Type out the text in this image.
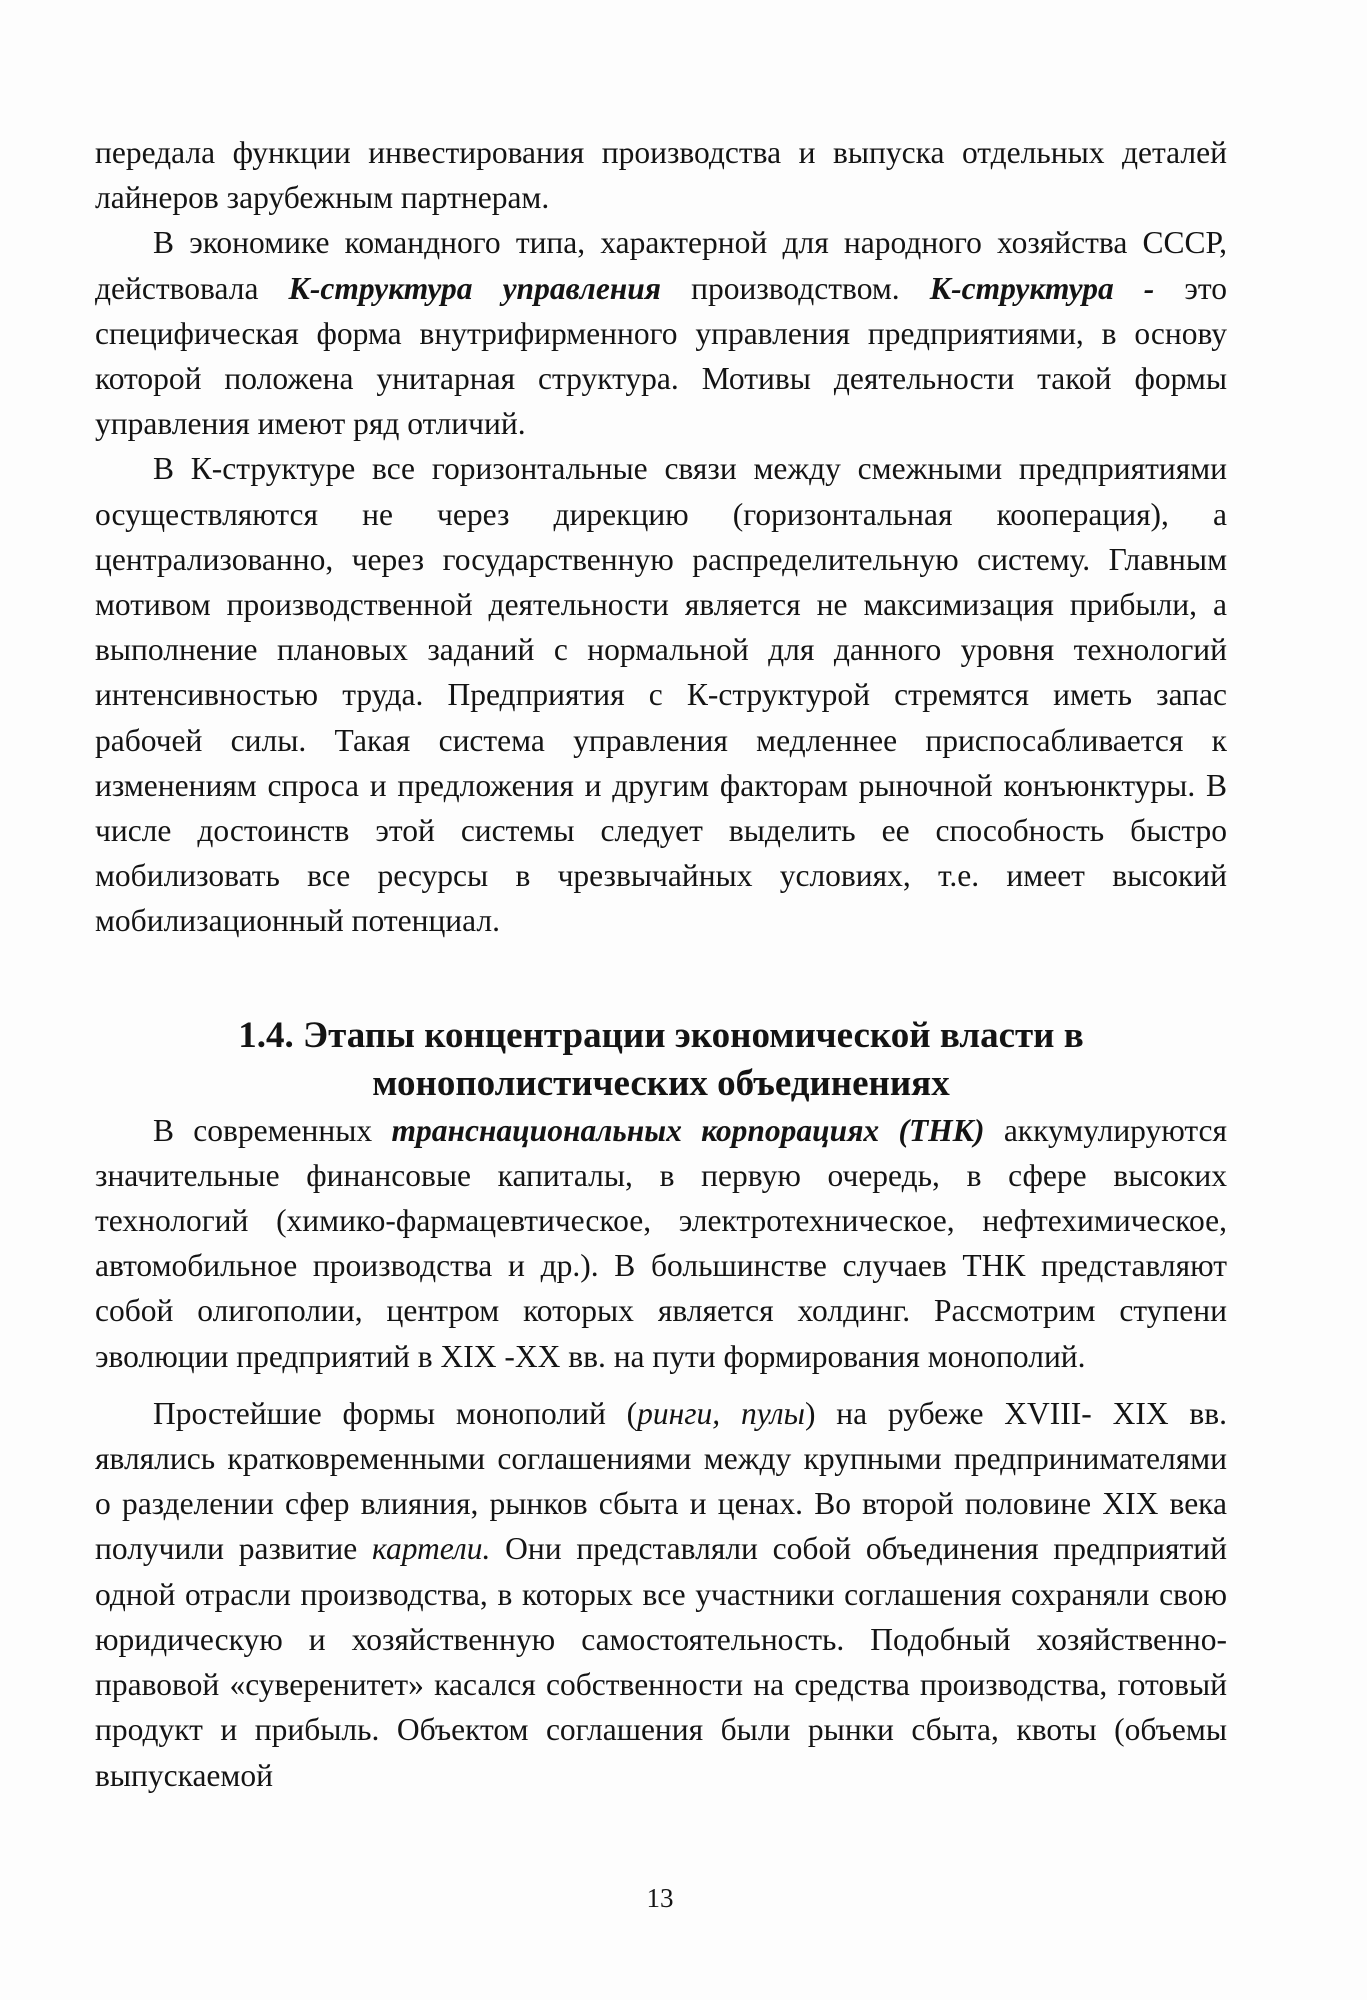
передала функции инвестирования производства и выпуска отдельных деталей лайнеров зарубежным партнерам.

В экономике командного типа, характерной для народного хозяйства СССР, действовала К-структура управления производством. К-структура - это специфическая форма внутрифирменного управления предприятиями, в основу которой положена унитарная структура. Мотивы деятельности такой формы управления имеют ряд отличий.

В К-структуре все горизонтальные связи между смежными предприятиями осуществляются не через дирекцию (горизонтальная кооперация), а централизованно, через государственную распределительную систему. Главным мотивом производственной деятельности является не максимизация прибыли, а выполнение плановых заданий с нормальной для данного уровня технологий интенсивностью труда. Предприятия с К-структурой стремятся иметь запас рабочей силы. Такая система управления медленнее приспосабливается к изменениям спроса и предложения и другим факторам рыночной конъюнктуры. В числе достоинств этой системы следует выделить ее способность быстро мобилизовать все ресурсы в чрезвычайных условиях, т.е. имеет высокий мобилизационный потенциал.

1.4. Этапы концентрации экономической власти в
монополистических объединениях

В современных транснациональных корпорациях (ТНК) аккумулируются значительные финансовые капиталы, в первую очередь, в сфере высоких технологий (химико-фармацевтическое, электротехническое, нефтехимическое, автомобильное производства и др.). В большинстве случаев ТНК представляют собой олигополии, центром которых является холдинг. Рассмотрим ступени эволюции предприятий в XIX -XX вв. на пути формирования монополий.

Простейшие формы монополий (ринги, пулы) на рубеже XVIII- XIX вв. являлись кратковременными соглашениями между крупными предпринимателями о разделении сфер влияния, рынков сбыта и ценах. Во второй половине XIX века получили развитие картели. Они представляли собой объединения предприятий одной отрасли производства, в которых все участники соглашения сохраняли свою юридическую и хозяйственную самостоятельность. Подобный хозяйственно-правовой «суверенитет» касался собственности на средства производства, готовый продукт и прибыль. Объектом соглашения были рынки сбыта, квоты (объемы выпускаемой

13
